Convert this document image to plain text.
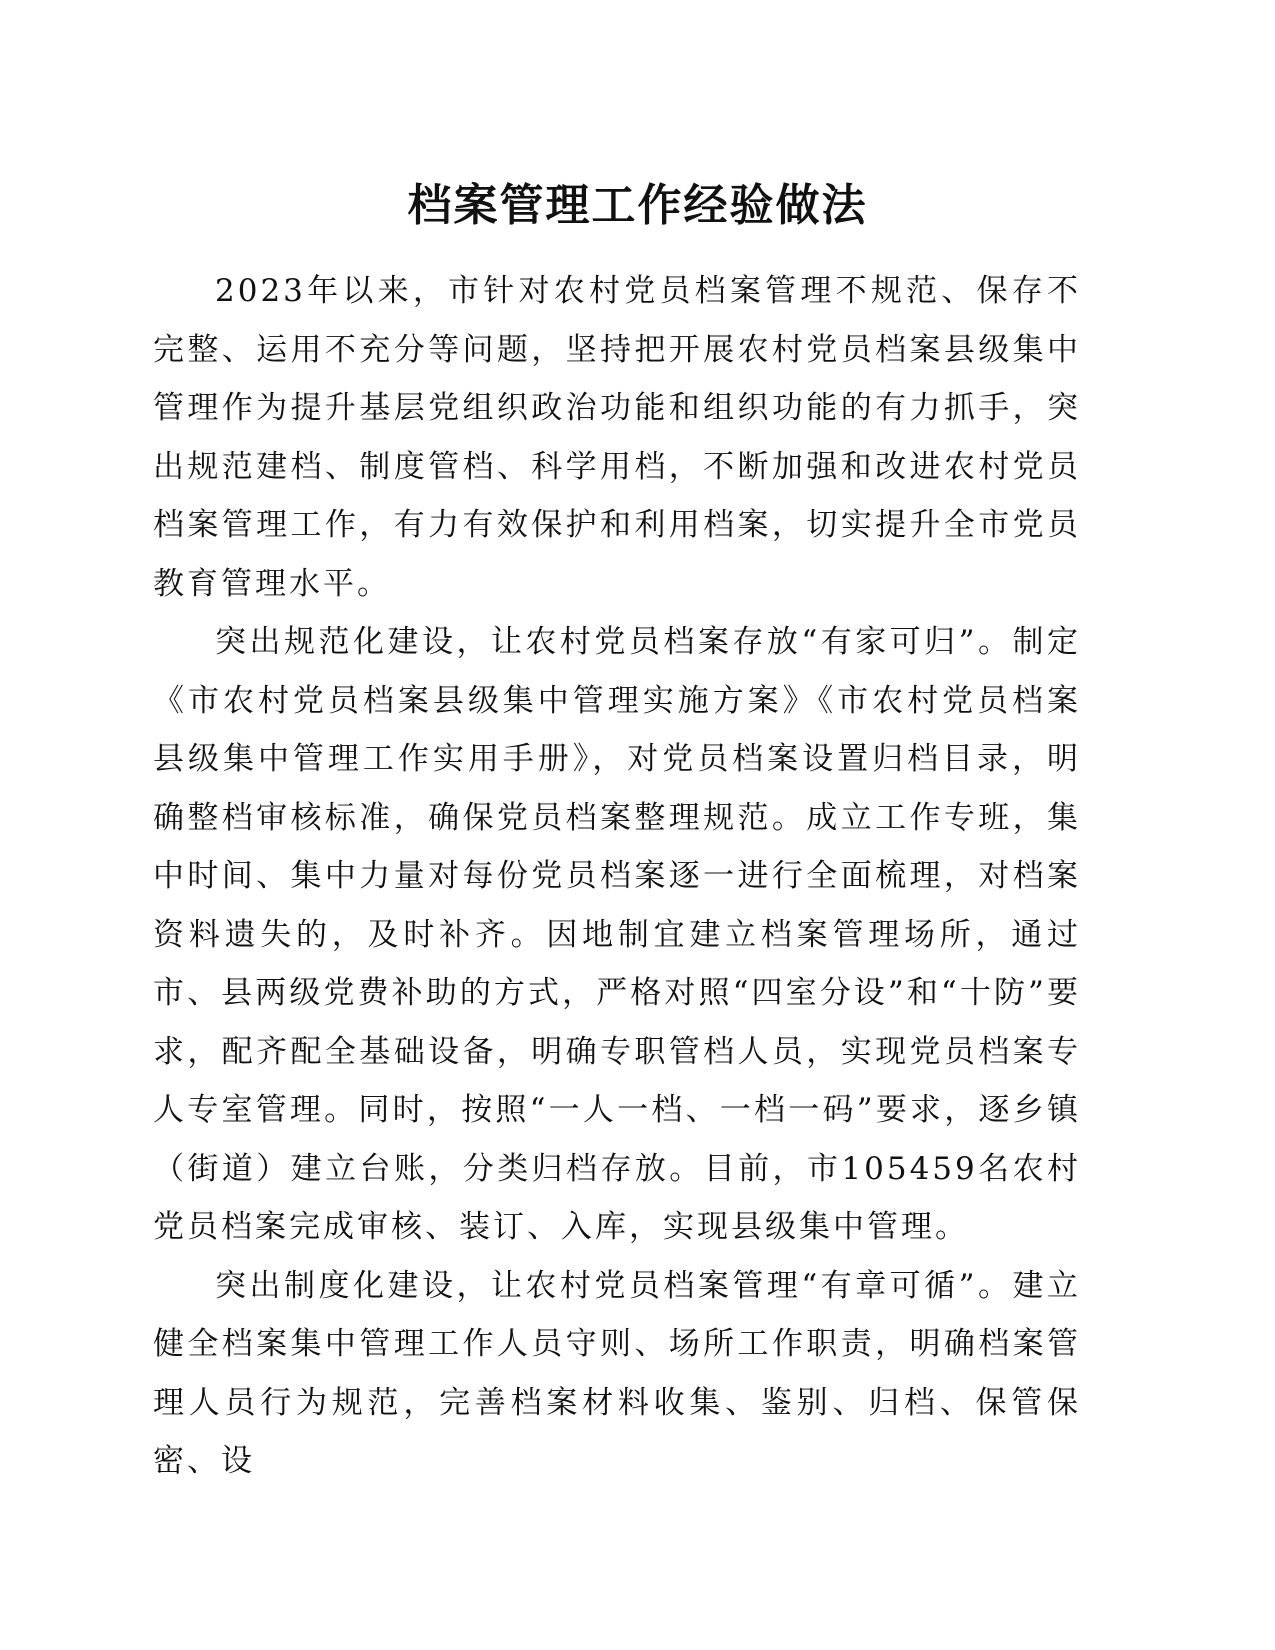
档案管理工作经验做法

2023年以来，市针对农村党员档案管理不规范、保存不完整、运用不充分等问题，坚持把开展农村党员档案县级集中管理作为提升基层党组织政治功能和组织功能的有力抓手，突出规范建档、制度管档、科学用档，不断加强和改进农村党员档案管理工作，有力有效保护和利用档案，切实提升全市党员教育管理水平。

突出规范化建设，让农村党员档案存放“有家可归”。制定《市农村党员档案县级集中管理实施方案》《市农村党员档案县级集中管理工作实用手册》，对党员档案设置归档目录，明确整档审核标准，确保党员档案整理规范。成立工作专班，集中时间、集中力量对每份党员档案逐一进行全面梳理，对档案资料遗失的，及时补齐。因地制宜建立档案管理场所，通过市、县两级党费补助的方式，严格对照“四室分设”和“十防”要求，配齐配全基础设备，明确专职管档人员，实现党员档案专人专室管理。同时，按照“一人一档、一档一码”要求，逐乡镇（街道）建立台账，分类归档存放。目前，市105459名农村党员档案完成审核、装订、入库，实现县级集中管理。

突出制度化建设，让农村党员档案管理“有章可循”。建立健全档案集中管理工作人员守则、场所工作职责，明确档案管理人员行为规范，完善档案材料收集、鉴别、归档、保管保密、设
